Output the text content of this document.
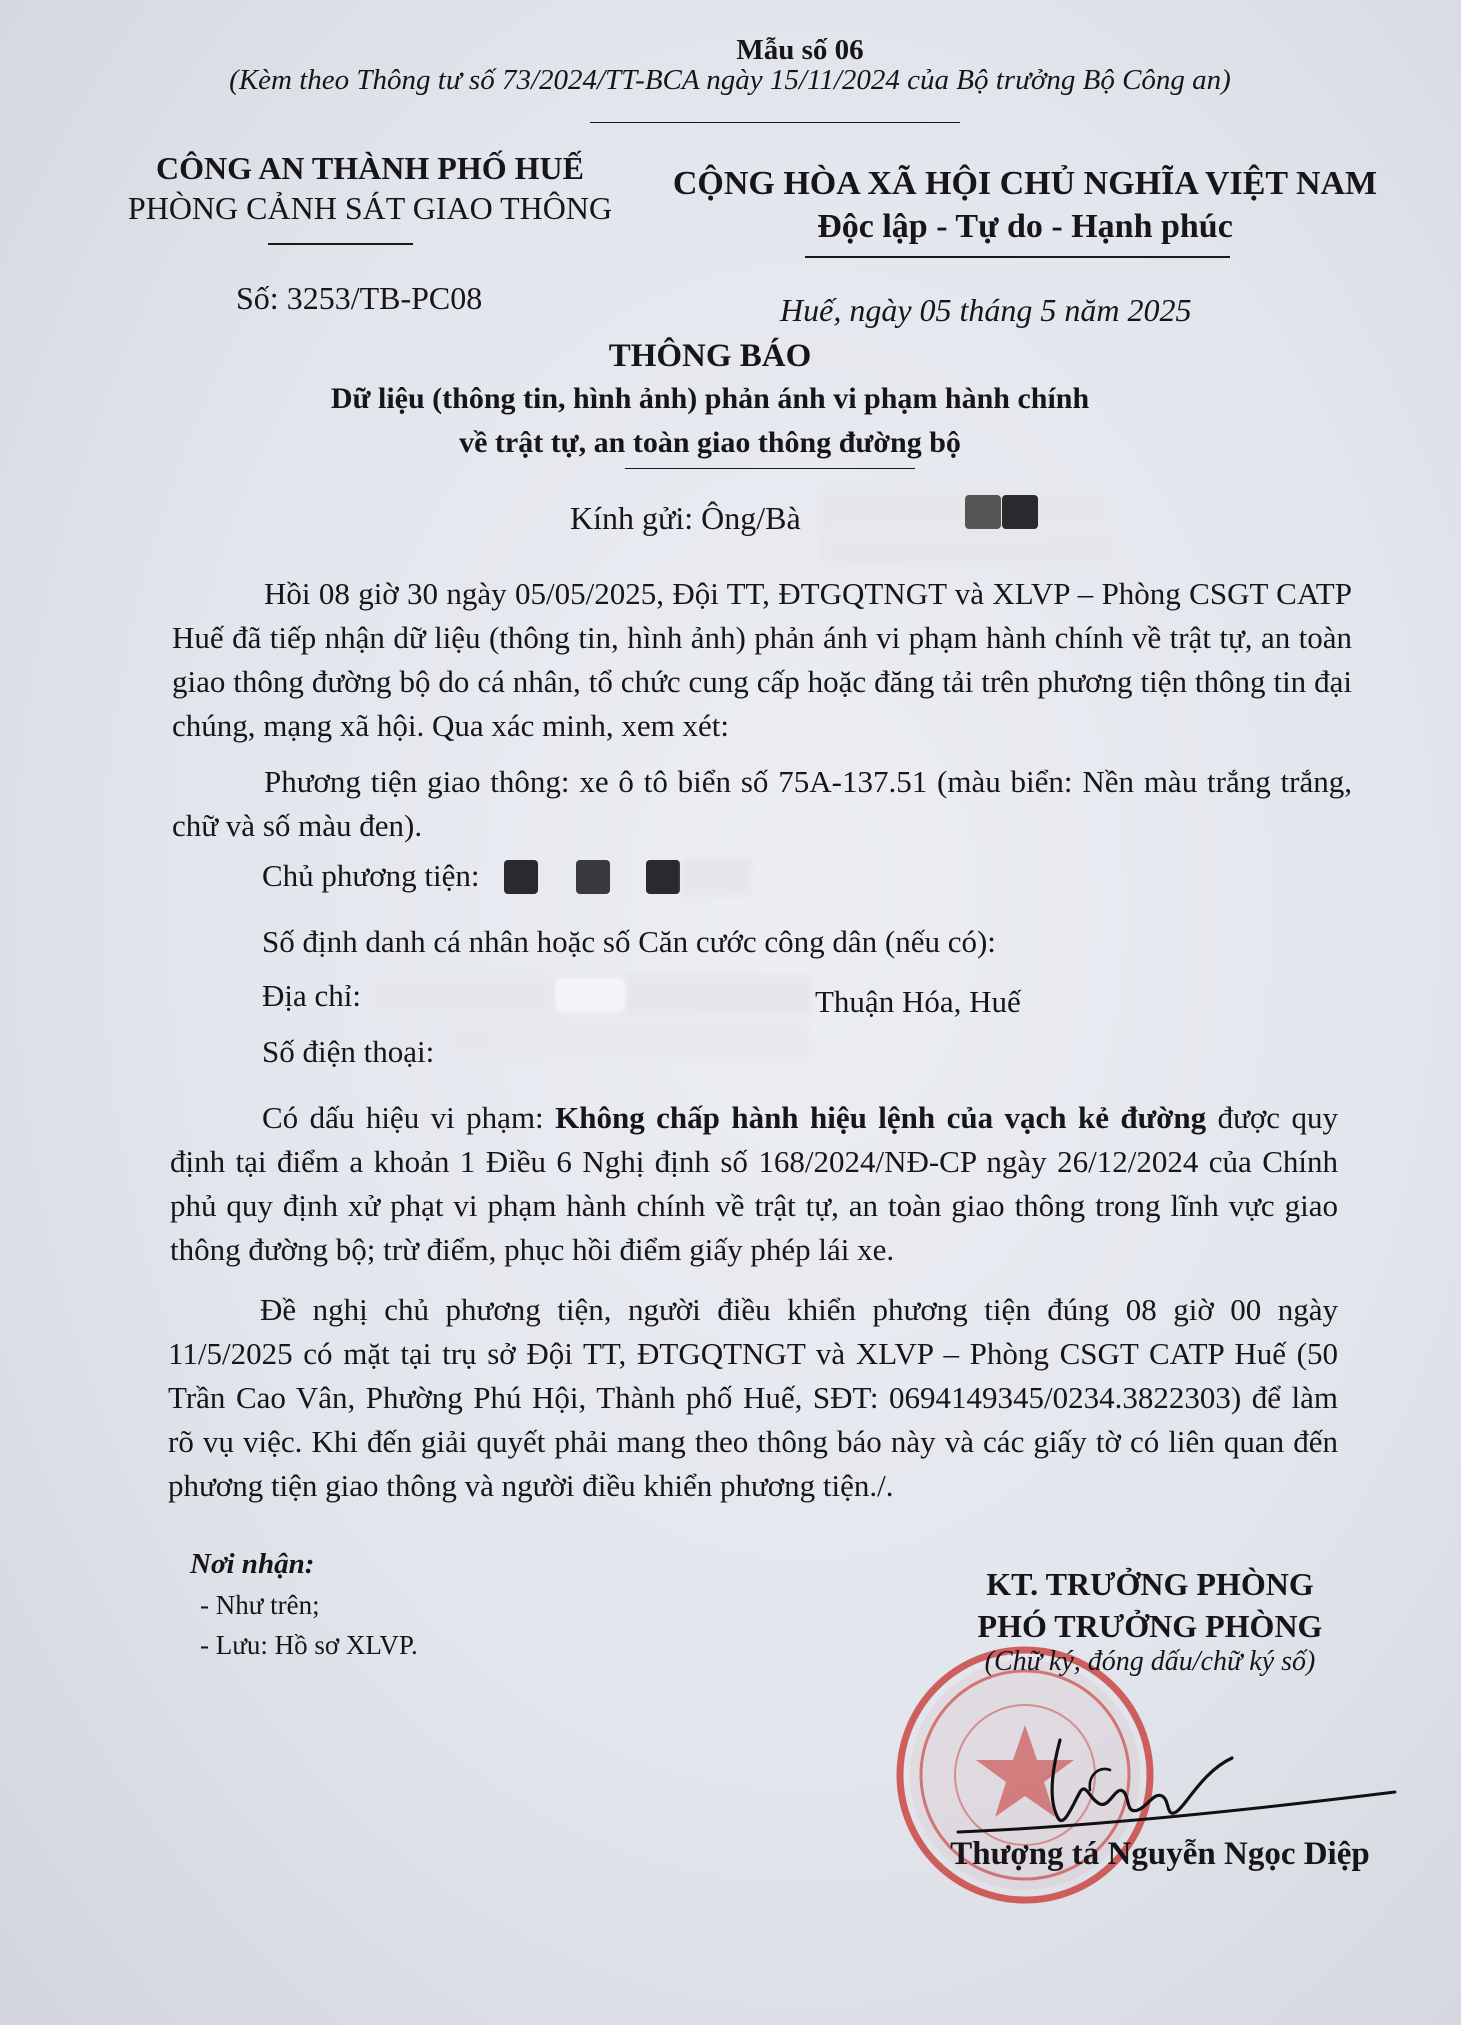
Mẫu số 06
(Kèm theo Thông tư số 73/2024/TT-BCA ngày 15/11/2024 của Bộ trưởng Bộ Công an)
CÔNG AN THÀNH PHỐ HUẾ
PHÒNG CẢNH SÁT GIAO THÔNG
Số: 3253/TB-PC08
CỘNG HÒA XÃ HỘI CHỦ NGHĨA VIỆT NAM
Độc lập - Tự do - Hạnh phúc
Huế, ngày 05 tháng 5 năm 2025
THÔNG BÁO
Dữ liệu (thông tin, hình ảnh) phản ánh vi phạm hành chính
về trật tự, an toàn giao thông đường bộ
Kính gửi: Ông/Bà
Hồi 08 giờ 30 ngày 05/05/2025, Đội TT, ĐTGQTNGT và XLVP – Phòng CSGT CATP Huế đã tiếp nhận dữ liệu (thông tin, hình ảnh) phản ánh vi phạm hành chính về trật tự, an toàn giao thông đường bộ do cá nhân, tổ chức cung cấp hoặc đăng tải trên phương tiện thông tin đại chúng, mạng xã hội. Qua xác minh, xem xét:
Phương tiện giao thông: xe ô tô biển số 75A-137.51 (màu biển: Nền màu trắng trắng, chữ và số màu đen).
Chủ phương tiện:
Số định danh cá nhân hoặc số Căn cước công dân (nếu có):
Địa chỉ:	Thuận Hóa, Huế
Số điện thoại:
Có dấu hiệu vi phạm: Không chấp hành hiệu lệnh của vạch kẻ đường được quy định tại điểm a khoản 1 Điều 6 Nghị định số 168/2024/NĐ-CP ngày 26/12/2024 của Chính phủ quy định xử phạt vi phạm hành chính về trật tự, an toàn giao thông trong lĩnh vực giao thông đường bộ; trừ điểm, phục hồi điểm giấy phép lái xe.
Đề nghị chủ phương tiện, người điều khiển phương tiện đúng 08 giờ 00 ngày 11/5/2025 có mặt tại trụ sở Đội TT, ĐTGQTNGT và XLVP – Phòng CSGT CATP Huế (50 Trần Cao Vân, Phường Phú Hội, Thành phố Huế, SĐT: 0694149345/0234.3822303) để làm rõ vụ việc. Khi đến giải quyết phải mang theo thông báo này và các giấy tờ có liên quan đến phương tiện giao thông và người điều khiển phương tiện./.
Nơi nhận:
- Như trên;
- Lưu: Hồ sơ XLVP.
KT. TRƯỞNG PHÒNG
PHÓ TRƯỞNG PHÒNG
(Chữ ký, đóng dấu/chữ ký số)
Thượng tá Nguyễn Ngọc Diệp
